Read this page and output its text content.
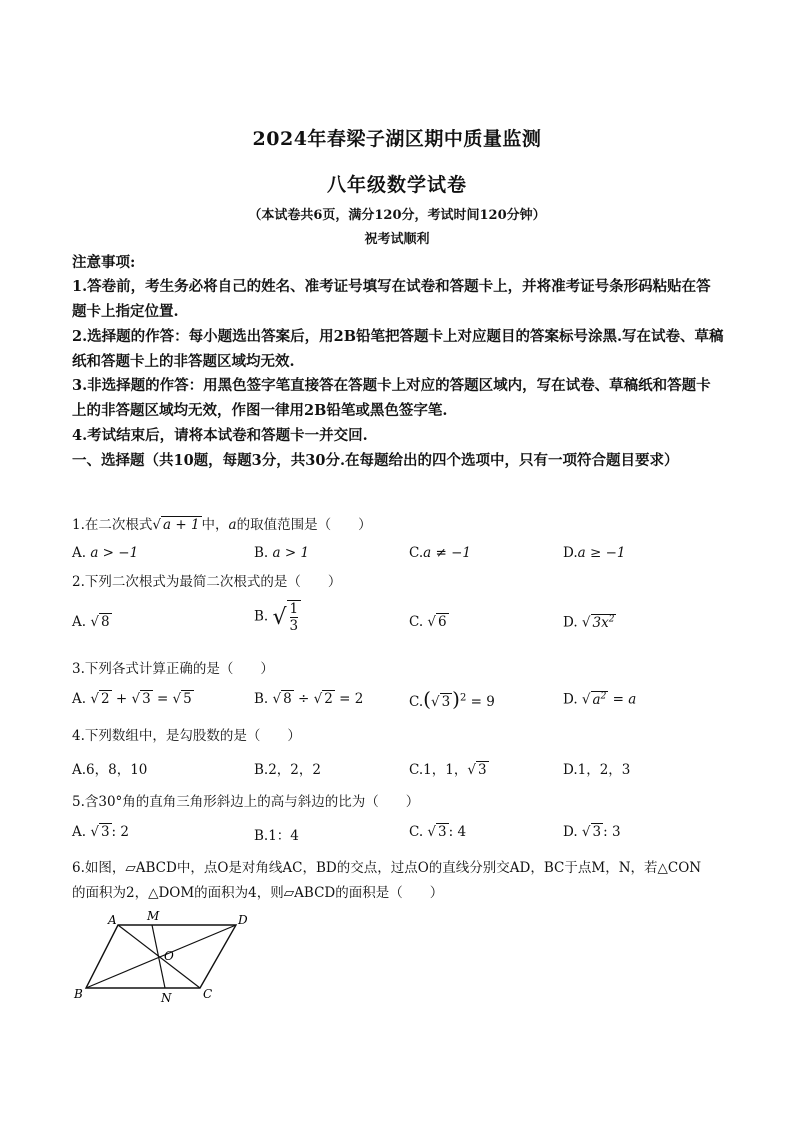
2024年春梁子湖区期中质量监测
八年级数学试卷
（本试卷共6页，满分120分，考试时间120分钟）
祝考试顺利

注意事项:

1.答卷前，考生务必将自己的姓名、准考证号填写在试卷和答题卡上，并将准考证号条形码粘贴在答题卡上指定位置.

2.选择题的作答：每小题选出答案后，用2B铅笔把答题卡上对应题目的答案标号涂黑.写在试卷、草稿纸和答题卡上的非答题区域均无效.

3.非选择题的作答：用黑色签字笔直接答在答题卡上对应的答题区域内，写在试卷、草稿纸和答题卡上的非答题区域均无效，作图一律用2B铅笔或黑色签字笔.

4.考试结束后，请将本试卷和答题卡一并交回.

一、选择题（共10题，每题3分，共30分.在每题给出的四个选项中，只有一项符合题目要求）

1.在二次根式√ a + 1 中，a的取值范围是（　　）

A. a > −1	B. a > 1	C.a ≠ −1	D.a ≥ −1

2.下列二次根式为最简二次根式的是（　　）

A. √ 8	B. √ $\frac{1}{3}$	C. √ 6	D. √ $3x^2$

3.下列各式计算正确的是（　　）

A. √ 2 + √ 3 = √ 5	B. √ 8 ÷ √ 2 = 2	C.(√ 3 )$^2$ = 9	D. √ $a^2 = a$

4.下列数组中，是勾股数的是（　　）

A.6，8，10	B.2，2，2	C.1，1，√ 3	D.1，2，3

5.含30°角的直角三角形斜边上的高与斜边的比为（　　）

A. √ 3 : 2	B.1：4	C. √ 3 : 4	D. √ 3 : 3

6.如图，▱ABCD中，点O是对角线AC，BD的交点，过点O的直线分别交AD，BC于点M，N，若△CON

的面积为2，△DOM的面积为4，则▱ABCD的面积是（　　）

A	M	D
O
B	N	C
